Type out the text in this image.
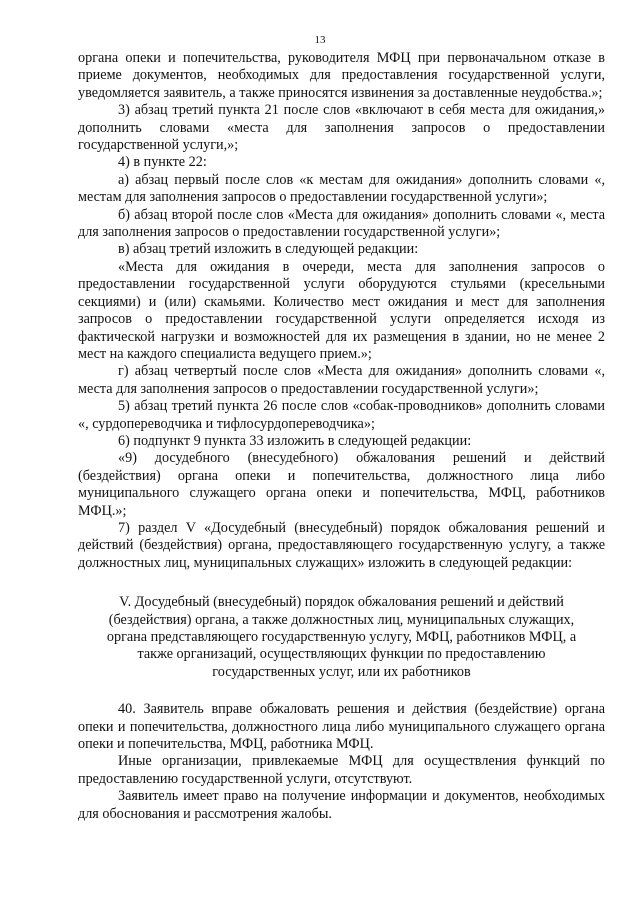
13

органа опеки и попечительства, руководителя МФЦ при первоначальном отказе в приеме документов, необходимых для предоставления государственной услуги, уведомляется заявитель, а также приносятся извинения за доставленные неудобства.»;

3) абзац третий пункта 21 после слов «включают в себя места для ожидания,» дополнить словами «места для заполнения запросов о предоставлении государственной услуги,»;

4) в пункте 22:

а) абзац первый после слов «к местам для ожидания» дополнить словами «, местам для заполнения запросов о предоставлении государственной услуги»;

б) абзац второй после слов «Места для ожидания» дополнить словами «, места для заполнения запросов о предоставлении государственной услуги»;

в) абзац третий изложить в следующей редакции:

«Места для ожидания в очереди, места для заполнения запросов о предоставлении государственной услуги оборудуются стульями (кресельными секциями) и (или) скамьями. Количество мест ожидания и мест для заполнения запросов о предоставлении государственной услуги определяется исходя из фактической нагрузки и возможностей для их размещения в здании, но не менее 2 мест на каждого специалиста ведущего прием.»;

г) абзац четвертый после слов «Места для ожидания» дополнить словами «, места для заполнения запросов о предоставлении государственной услуги»;

5) абзац третий пункта 26 после слов «собак-проводников» дополнить словами «, сурдопереводчика и тифлосурдопереводчика»;

6) подпункт 9 пункта 33 изложить в следующей редакции:

«9) досудебного (внесудебного) обжалования решений и действий (бездействия) органа опеки и попечительства, должностного лица либо муниципального служащего органа опеки и попечительства, МФЦ, работников МФЦ.»;

7) раздел V «Досудебный (внесудебный) порядок обжалования решений и действий (бездействия) органа, предоставляющего государственную услугу, а также должностных лиц, муниципальных служащих» изложить в следующей редакции:

V. Досудебный (внесудебный) порядок обжалования решений и действий
(бездействия) органа, а также должностных лиц, муниципальных служащих,
органа представляющего государственную услугу, МФЦ, работников МФЦ, а
также организаций, осуществляющих функции по предоставлению
государственных услуг, или их работников

40. Заявитель вправе обжаловать решения и действия (бездействие) органа опеки и попечительства, должностного лица либо муниципального служащего органа опеки и попечительства, МФЦ, работника МФЦ.

Иные организации, привлекаемые МФЦ для осуществления функций по предоставлению государственной услуги, отсутствуют.

Заявитель имеет право на получение информации и документов, необходимых для обоснования и рассмотрения жалобы.
